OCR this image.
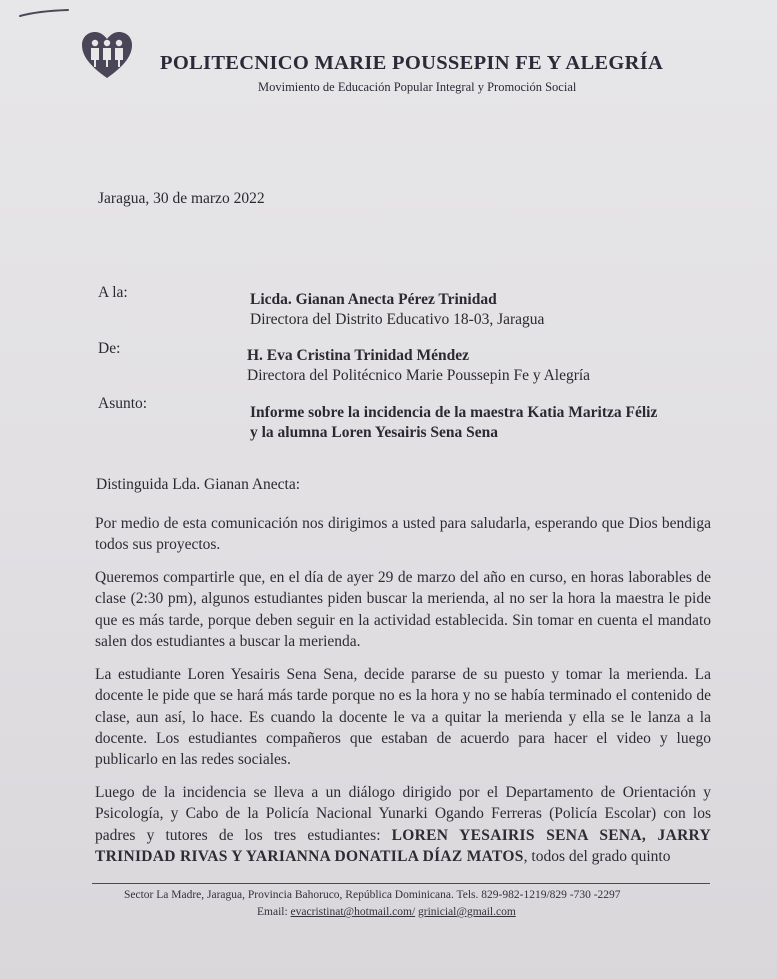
POLITECNICO MARIE POUSSEPIN FE Y ALEGRÍA
Movimiento de Educación Popular Integral y Promoción Social
Jaragua, 30 de marzo 2022
A la:	Licda. Gianan Anecta Pérez Trinidad
Directora del Distrito Educativo 18-03, Jaragua
De:	H. Eva Cristina Trinidad Méndez
Directora del Politécnico Marie Poussepin Fe y Alegría
Asunto:
Informe sobre la incidencia de la maestra Katia Maritza Féliz
y la alumna Loren Yesairis Sena Sena
Distinguida Lda. Gianan Anecta:
Por medio de esta comunicación nos dirigimos a usted para saludarla, esperando que Dios bendiga todos sus proyectos.
Queremos compartirle que, en el día de ayer 29 de marzo del año en curso, en horas laborables de clase (2:30 pm), algunos estudiantes piden buscar la merienda, al no ser la hora la maestra le pide que es más tarde, porque deben seguir en la actividad establecida. Sin tomar en cuenta el mandato salen dos estudiantes a buscar la merienda.
La estudiante Loren Yesairis Sena Sena, decide pararse de su puesto y tomar la merienda. La docente le pide que se hará más tarde porque no es la hora y no se había terminado el contenido de clase, aun así, lo hace. Es cuando la docente le va a quitar la merienda y ella se le lanza a la docente. Los estudiantes compañeros que estaban de acuerdo para hacer el video y luego publicarlo en las redes sociales.
Luego de la incidencia se lleva a un diálogo dirigido por el Departamento de Orientación y Psicología, y Cabo de la Policía Nacional Yunarki Ogando Ferreras (Policía Escolar) con los padres y tutores de los tres estudiantes: LOREN YESAIRIS SENA SENA, JARRY TRINIDAD RIVAS Y YARIANNA DONATILA DÍAZ MATOS, todos del grado quinto
Sector La Madre, Jaragua, Provincia Bahoruco, República Dominicana. Tels. 829-982-1219/829 -730 -2297
Email: evacristinat@hotmail.com/ grinicial@gmail.com
